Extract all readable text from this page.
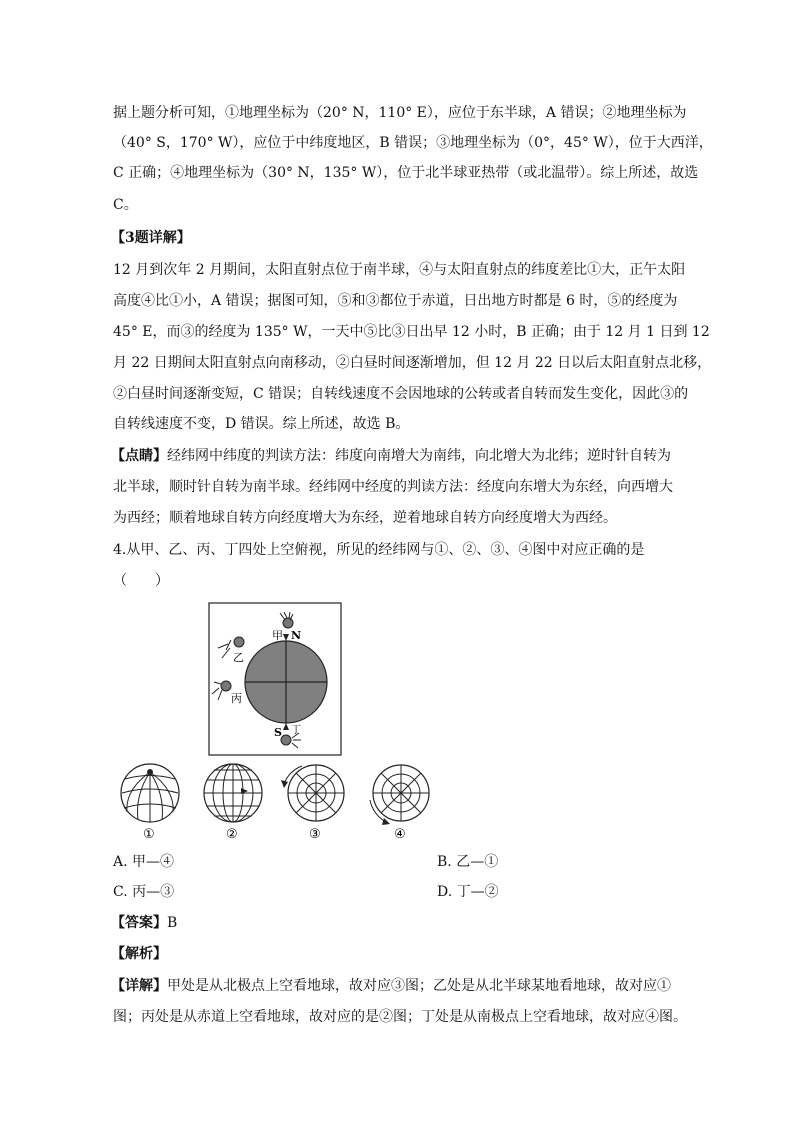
据上题分析可知，①地理坐标为（20° N，110° E），应位于东半球，A 错误；②地理坐标为
（40° S，170° W），应位于中纬度地区，B 错误；③地理坐标为（0°，45° W），位于大西洋，
C 正确；④地理坐标为（30° N，135° W），位于北半球亚热带（或北温带）。综上所述，故选
C。
【3题详解】
12 月到次年 2 月期间，太阳直射点位于南半球，④与太阳直射点的纬度差比①大，正午太阳
高度④比①小，A 错误；据图可知，⑤和③都位于赤道，日出地方时都是 6 时，⑤的经度为
45° E，而③的经度为 135° W，一天中⑤比③日出早 12 小时，B 正确；由于 12 月 1 日到 12
月 22 日期间太阳直射点向南移动，②白昼时间逐渐增加，但 12 月 22 日以后太阳直射点北移，
②白昼时间逐渐变短，C 错误；自转线速度不会因地球的公转或者自转而发生变化，因此③的
自转线速度不变，D 错误。综上所述，故选 B。
【点睛】经纬网中纬度的判读方法：纬度向南增大为南纬，向北增大为北纬；逆时针自转为
北半球，顺时针自转为南半球。经纬网中经度的判读方法：经度向东增大为东经，向西增大
为西经；顺着地球自转方向经度增大为东经，逆着地球自转方向经度增大为西经。
4.从甲、乙、丙、丁四处上空俯视，所见的经纬网与①、②、③、④图中对应正确的是
（　　）
甲 N
乙
丙
S 丁
①	②	③	④
A. 甲—④	B. 乙—①
C. 丙—③	D. 丁—②
【答案】B
【解析】
【详解】甲处是从北极点上空看地球，故对应③图；乙处是从北半球某地看地球，故对应①
图；丙处是从赤道上空看地球，故对应的是②图；丁处是从南极点上空看地球，故对应④图。
